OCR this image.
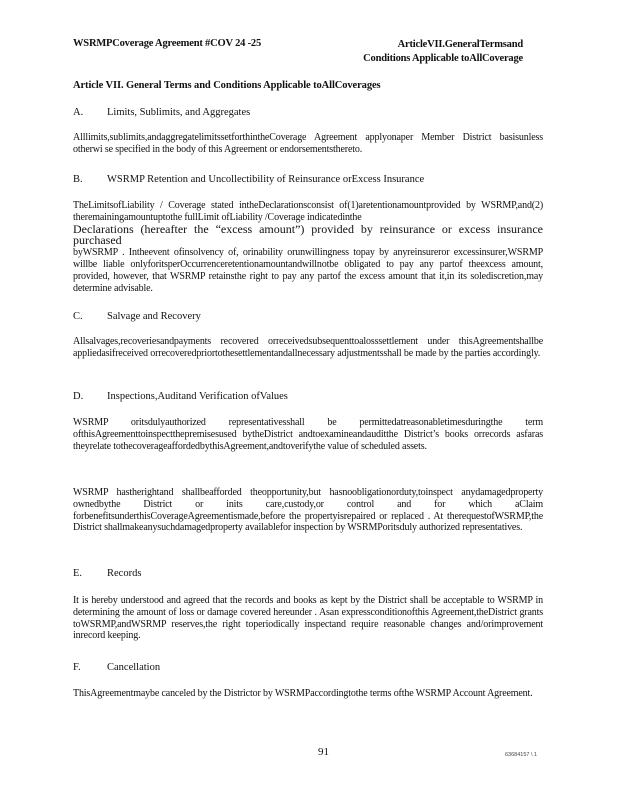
WSRMPCoverage Agreement #COV 24 -25	ArticleVII.GeneralTermsand
Conditions Applicable toAllCoverage
Article VII. General Terms and Conditions Applicable toAllCoverages
A. Limits, Sublimits, and Aggregates
Alllimits,sublimits,andaggregatelimitssetforthintheCoverage Agreement applyonaper Member District basisunless otherwi se specified in the body of this Agreement or endorsementsthereto.
B. WSRMP Retention and Uncollectibility of Reinsurance orExcess Insurance
TheLimitsofLiability / Coverage stated intheDeclarationsconsist of(1)aretentionamountprovided by WSRMP,and(2) theremainingamountuptothe fullLimit ofLiability /Coverage indicatedinthe
Declarations (hereafter the “excess amount”) provided by reinsurance or excess insurance purchased
byWSRMP . Intheevent ofinsolvency of, orinability orunwillingness topay by anyreinsureror excessinsurer,WSRMP willbe liable onlyforitsperOccurrenceretentionamountandwillnotbe obligated to pay any partof theexcess amount, provided, however, that WSRMP retainsthe right to pay any partof the excess amount that it,in its solediscretion,may determine advisable.
C. Salvage and Recovery
Allsalvages,recoveriesandpayments recovered orreceivedsubsequenttoalosssettlement under thisAgreementshallbe appliedasifreceived orrecoveredpriortothesettlementandallnecessary adjustmentsshall be made by the parties accordingly.
D. Inspections,Auditand Verification ofValues
WSRMP oritsdulyauthorized representativesshall be permittedatreasonabletimesduringthe term ofthisAgreementtoinspectthepremisesused bytheDistrict andtoexamineandauditthe District’s books orrecords asfaras theyrelate tothecoverageaffordedbythisAgreement,andtoverifythe value of scheduled assets.
WSRMP hastherightand shallbeafforded theopportunity,but hasnoobligationorduty,toinspect anydamagedproperty ownedbythe District or inits care,custody,or control and for which aClaim forbenefitsunderthisCoverageAgreementismade,before the propertyisrepaired or replaced . At therequestofWSRMP,the District shallmakeanysuchdamagedproperty availablefor inspection by WSRMPoritsduly authorized representatives.
E. Records
It is hereby understood and agreed that the records and books as kept by the District shall be acceptable to WSRMP in determining the amount of loss or damage covered hereunder . Asan expressconditionofthis Agreement,theDistrict grants toWSRMP,andWSRMP reserves,the right toperiodically inspectand require reasonable changes and/orimprovement inrecord keeping.
F.	Cancellation
ThisAgreementmaybe canceled by the Districtor by WSRMPaccordingtothe terms ofthe WSRMP Account Agreement.
91	63684157 \ 1
